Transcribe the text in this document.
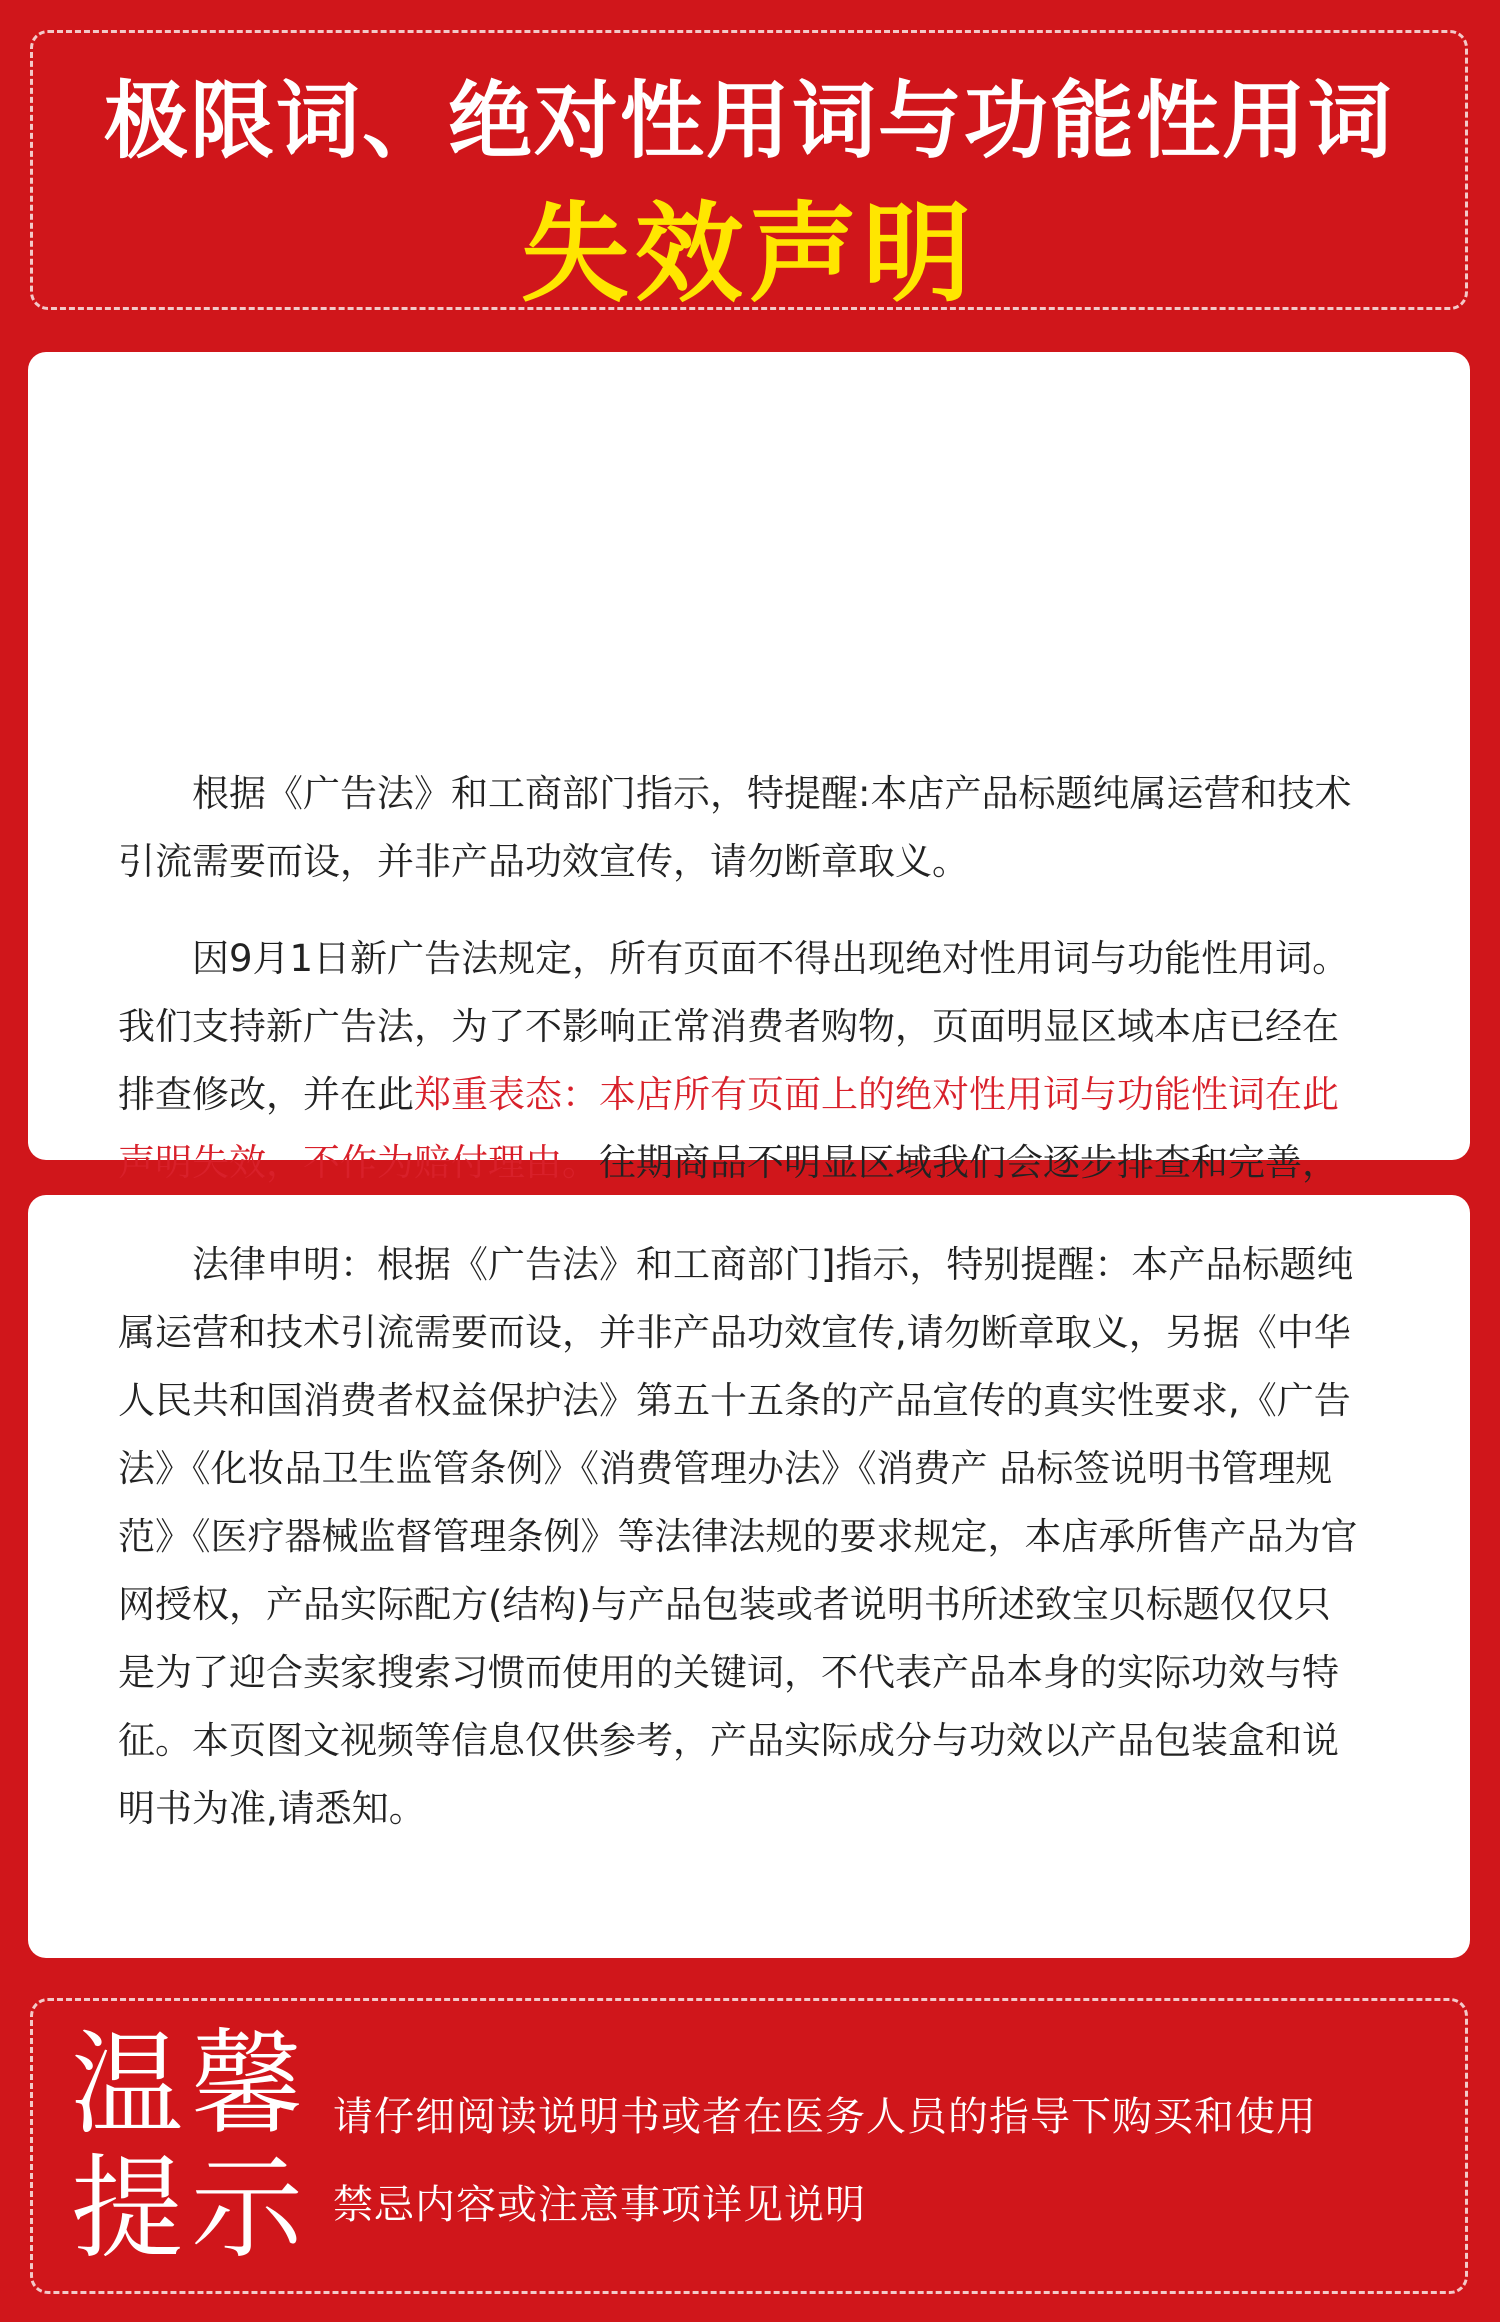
极限词、绝对性用词与功能性用词
失效声明

根据《广告法》和工商部门指示，特提醒:本店产品标题纯属运营和技术引流需要而设，并非产品功效宣传，请勿断章取义。

因9月1日新广告法规定，所有页面不得出现绝对性用词与功能性用词。我们支持新广告法，为了不影响正常消费者购物，页面明显区域本店已经在排查修改，并在此郑重表态：本店所有页面上的绝对性用词与功能性词在此声明失效，不作为赔付理由。往期商品不明显区域我们会逐步排查和完善，

法律申明：根据《广告法》和工商部门]指示，特别提醒：本产品标题纯属运营和技术引流需要而设，并非产品功效宣传,请勿断章取义，另据《中华人民共和国消费者权益保护法》第五十五条的产品宣传的真实性要求,《广告法》《化妆品卫生监管条例》《消费管理办法》《消费产 品标签说明书管理规范》《医疗器械监督管理条例》等法律法规的要求规定，本店承所售产品为官网授权，产品实际配方(结构)与产品包装或者说明书所述致宝贝标题仅仅只是为了迎合卖家搜索习惯而使用的关键词，不代表产品本身的实际功效与特征。本页图文视频等信息仅供参考，产品实际成分与功效以产品包装盒和说明书为准,请悉知。

温馨提示
请仔细阅读说明书或者在医务人员的指导下购买和使用
禁忌内容或注意事项详见说明
